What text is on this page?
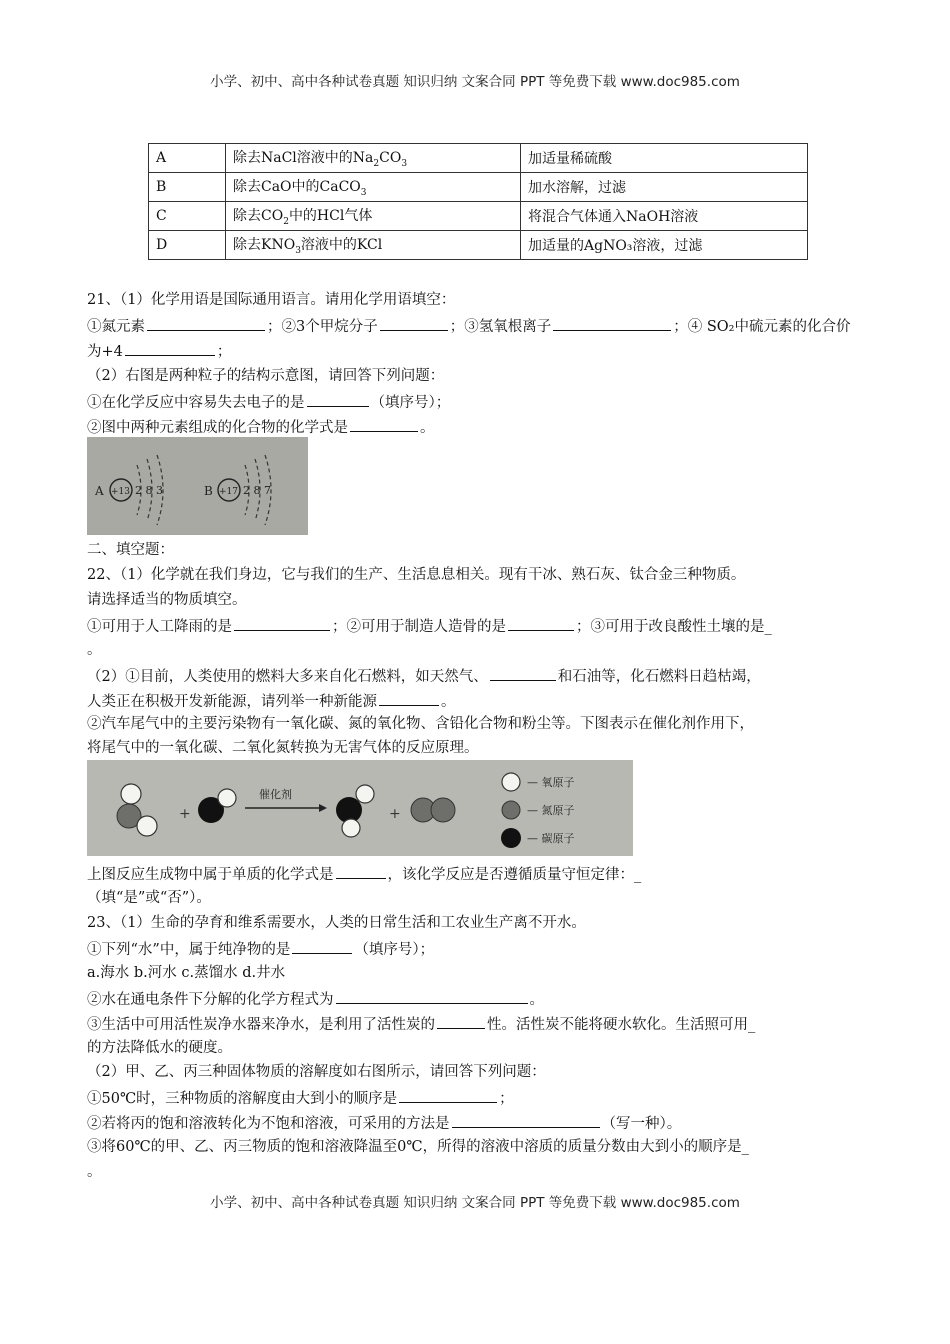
小学、初中、高中各种试卷真题 知识归纳 文案合同 PPT 等免费下载 www.doc985.com
A	除去NaCl溶液中的$Na_2CO_3$	加适量稀硫酸
B	除去CaO中的CaCO$_3$	加水溶解，过滤
C	除去$CO_2$中的HCl气体	将混合气体通入NaOH溶液
D	除去$KNO_3$溶液中的KCl	加适量的AgNO₃溶液，过滤
21、（1）化学用语是国际通用语言。请用化学用语填空：
①氮元素	；②3个甲烷分子	；③氢氧根离子	；④ SO₂中硫元素的化合价
为+4	；
（2）右图是两种粒子的结构示意图，请回答下列问题：
①在化学反应中容易失去电子的是	（填序号）；
②图中两种元素组成的化合物的化学式是	。
A +13 2 8 3	B +17 2 8 7
二、填空题：
22、（1）化学就在我们身边，它与我们的生产、生活息息相关。现有干冰、熟石灰、钛合金三种物质。
请选择适当的物质填空。
①可用于人工降雨的是	；②可用于制造人造骨的是	；③可用于改良酸性土壤的是_
。
（2）①目前，人类使用的燃料大多来自化石燃料，如天然气、	和石油等，化石燃料日趋枯竭，
人类正在积极开发新能源，请列举一种新能源	。
②汽车尾气中的主要污染物有一氧化碳、氮的氧化物、含铅化合物和粉尘等。下图表示在催化剂作用下，
将尾气中的一氧化碳、二氧化氮转换为无害气体的反应原理。
+
催化剂
+
— 氧原子
— 氮原子
— 碳原子
上图反应生成物中属于单质的化学式是	，该化学反应是否遵循质量守恒定律：_
（填“是”或“否”）。
23、（1）生命的孕育和维系需要水，人类的日常生活和工农业生产离不开水。
①下列“水”中，属于纯净物的是	（填序号）；
a.海水 b.河水 c.蒸馏水 d.井水
②水在通电条件下分解的化学方程式为	。
③生活中可用活性炭净水器来净水，是利用了活性炭的	性。活性炭不能将硬水软化。生活照可用_
的方法降低水的硬度。
（2）甲、乙、丙三种固体物质的溶解度如右图所示，请回答下列问题：
①50℃时，三种物质的溶解度由大到小的顺序是	；
②若将丙的饱和溶液转化为不饱和溶液，可采用的方法是	（写一种）。
③将60℃的甲、乙、丙三物质的饱和溶液降温至0℃，所得的溶液中溶质的质量分数由大到小的顺序是_
。
小学、初中、高中各种试卷真题 知识归纳 文案合同 PPT 等免费下载 www.doc985.com
